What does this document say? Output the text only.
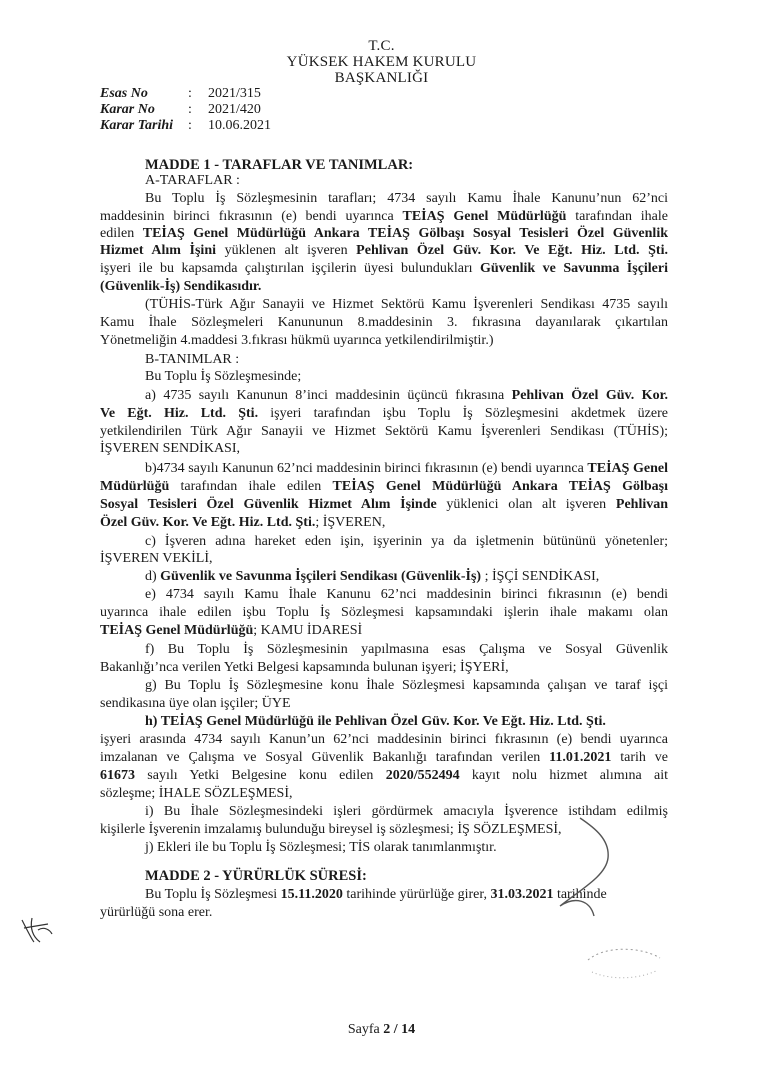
T.C.
YÜKSEK HAKEM KURULU
BAŞKANLIĞI
Esas No	: 2021/315
Karar No : 2021/420
Karar Tarihi : 10.06.2021
MADDE 1 - TARAFLAR VE TANIMLAR:
A-TARAFLAR :
Bu Toplu İş Sözleşmesinin tarafları; 4734 sayılı Kamu İhale Kanunu’nun 62’nci
maddesinin birinci fıkrasının (e) bendi uyarınca TEİAŞ Genel Müdürlüğü tarafından ihale
edilen TEİAŞ Genel Müdürlüğü Ankara TEİAŞ Gölbaşı Sosyal Tesisleri Özel Güvenlik
Hizmet Alım İşini yüklenen alt işveren Pehlivan Özel Güv. Kor. Ve Eğt. Hiz. Ltd. Şti.
işyeri ile bu kapsamda çalıştırılan işçilerin üyesi bulundukları Güvenlik ve Savunma İşçileri
(Güvenlik-İş) Sendikasıdır.
(TÜHİS-Türk Ağır Sanayii ve Hizmet Sektörü Kamu İşverenleri Sendikası 4735 sayılı
Kamu İhale Sözleşmeleri Kanununun 8.maddesinin 3. fıkrasına dayanılarak çıkartılan
Yönetmeliğin 4.maddesi 3.fıkrası hükmü uyarınca yetkilendirilmiştir.)
B-TANIMLAR :
Bu Toplu İş Sözleşmesinde;
a) 4735 sayılı Kanunun 8’inci maddesinin üçüncü fıkrasına Pehlivan Özel Güv. Kor.
Ve Eğt. Hiz. Ltd. Şti. işyeri tarafından işbu Toplu İş Sözleşmesini akdetmek üzere
yetkilendirilen Türk Ağır Sanayii ve Hizmet Sektörü Kamu İşverenleri Sendikası (TÜHİS);
İŞVEREN SENDİKASI,
b)4734 sayılı Kanunun 62’nci maddesinin birinci fıkrasının (e) bendi uyarınca TEİAŞ Genel
Müdürlüğü tarafından ihale edilen TEİAŞ Genel Müdürlüğü Ankara TEİAŞ Gölbaşı
Sosyal Tesisleri Özel Güvenlik Hizmet Alım İşinde yüklenici olan alt işveren Pehlivan
Özel Güv. Kor. Ve Eğt. Hiz. Ltd. Şti.; İŞVEREN,
c) İşveren adına hareket eden işin, işyerinin ya da işletmenin bütününü yönetenler;
İŞVEREN VEKİLİ,
d) Güvenlik ve Savunma İşçileri Sendikası (Güvenlik-İş) ; İŞÇİ SENDİKASI,
e) 4734 sayılı Kamu İhale Kanunu 62’nci maddesinin birinci fıkrasının (e) bendi
uyarınca ihale edilen işbu Toplu İş Sözleşmesi kapsamındaki işlerin ihale makamı olan
TEİAŞ Genel Müdürlüğü; KAMU İDARESİ
f) Bu Toplu İş Sözleşmesinin yapılmasına esas Çalışma ve Sosyal Güvenlik
Bakanlığı’nca verilen Yetki Belgesi kapsamında bulunan işyeri; İŞYERİ,
g) Bu Toplu İş Sözleşmesine konu İhale Sözleşmesi kapsamında çalışan ve taraf işçi
sendikasına üye olan işçiler; ÜYE
h) TEİAŞ Genel Müdürlüğü ile Pehlivan Özel Güv. Kor. Ve Eğt. Hiz. Ltd. Şti.
işyeri arasında 4734 sayılı Kanun’un 62’nci maddesinin birinci fıkrasının (e) bendi uyarınca
imzalanan ve Çalışma ve Sosyal Güvenlik Bakanlığı tarafından verilen 11.01.2021 tarih ve
61673 sayılı Yetki Belgesine konu edilen 2020/552494 kayıt nolu hizmet alımına ait
sözleşme; İHALE SÖZLEŞMESİ,
i) Bu İhale Sözleşmesindeki işleri gördürmek amacıyla İşverence istihdam edilmiş
kişilerle İşverenin imzalamış bulunduğu bireysel iş sözleşmesi; İŞ SÖZLEŞMESİ,
j) Ekleri ile bu Toplu İş Sözleşmesi; TİS olarak tanımlanmıştır.
MADDE 2 - YÜRÜRLÜK SÜRESİ:
Bu Toplu İş Sözleşmesi 15.11.2020 tarihinde yürürlüğe girer, 31.03.2021 tarihinde
yürürlüğü sona erer.
Sayfa 2 / 14
